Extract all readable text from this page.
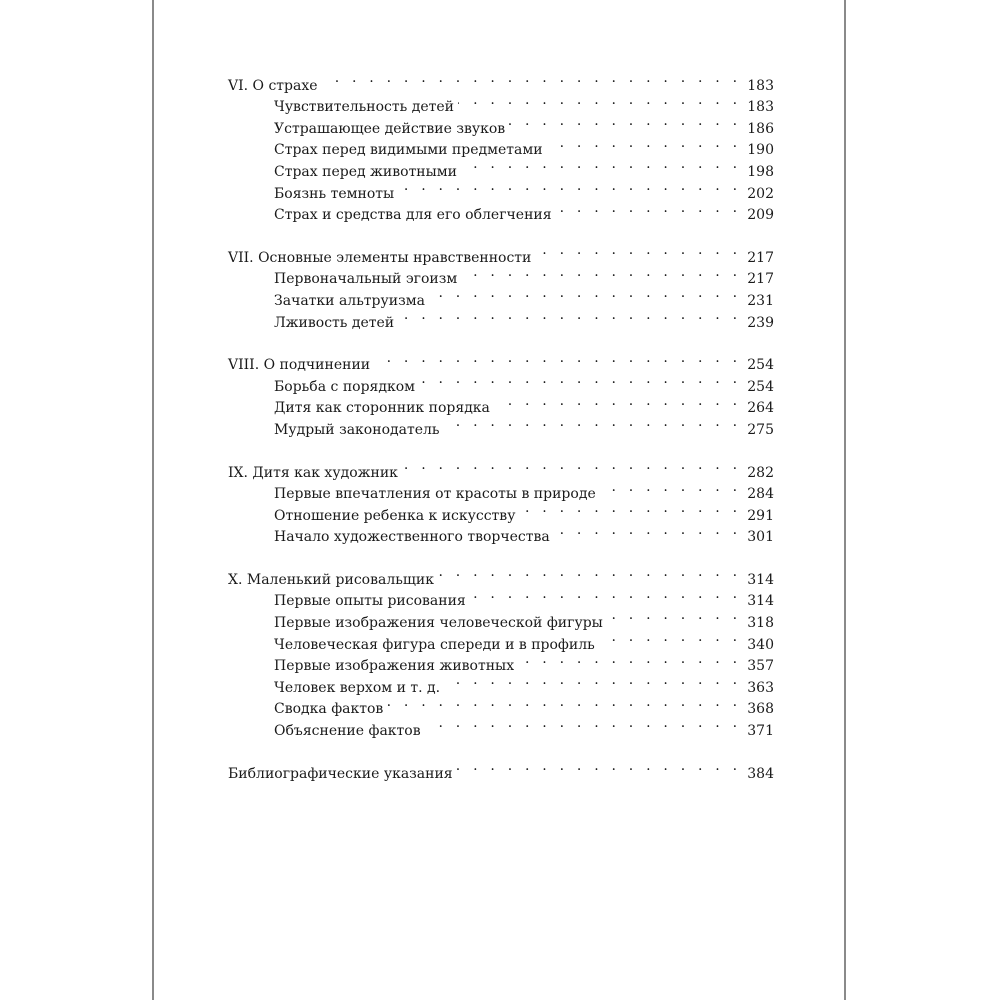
VI. О страхе . . .	183
Чувствительность детей . . .	183
Устрашающее действие звуков . . .	186
Страх перед видимыми предметами . . .	190
Страх перед животными . . .	198
Боязнь темноты . . .	202
Страх и средства для его облегчения . . .	209
VII. Основные элементы нравственности . . .	217
Первоначальный эгоизм . . .	217
Зачатки альтруизма . . .	231
Лживость детей . . .	239
VIII. О подчинении . . .	254
Борьба с порядком . . .	254
Дитя как сторонник порядка . . .	264
Мудрый законодатель . . .	275
IX. Дитя как художник . . .	282
Первые впечатления от красоты в природе . . .	284
Отношение ребенка к искусству . . .	291
Начало художественного творчества . . .	301
X. Маленький рисовальщик . . .	314
Первые опыты рисования . . .	314
Первые изображения человеческой фигуры . . .	318
Человеческая фигура спереди и в профиль . . .	340
Первые изображения животных . . .	357
Человек верхом и т. д. . . .	363
Сводка фактов . . .	368
Объяснение фактов . . .	371
Библиографические указания . . .	384
